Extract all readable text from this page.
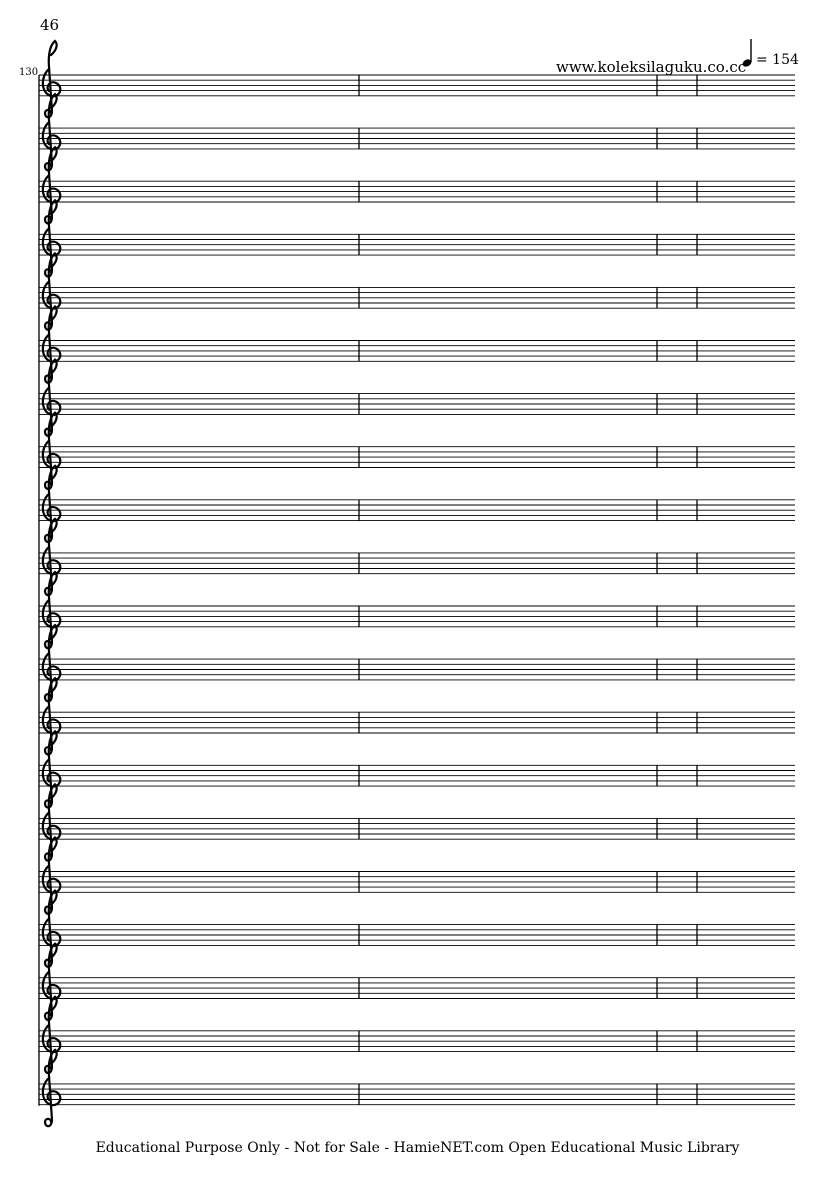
46
= 154
www.koleksilaguku.co.cc
130
Educational Purpose Only - Not for Sale - HamieNET.com Open Educational Music Library
